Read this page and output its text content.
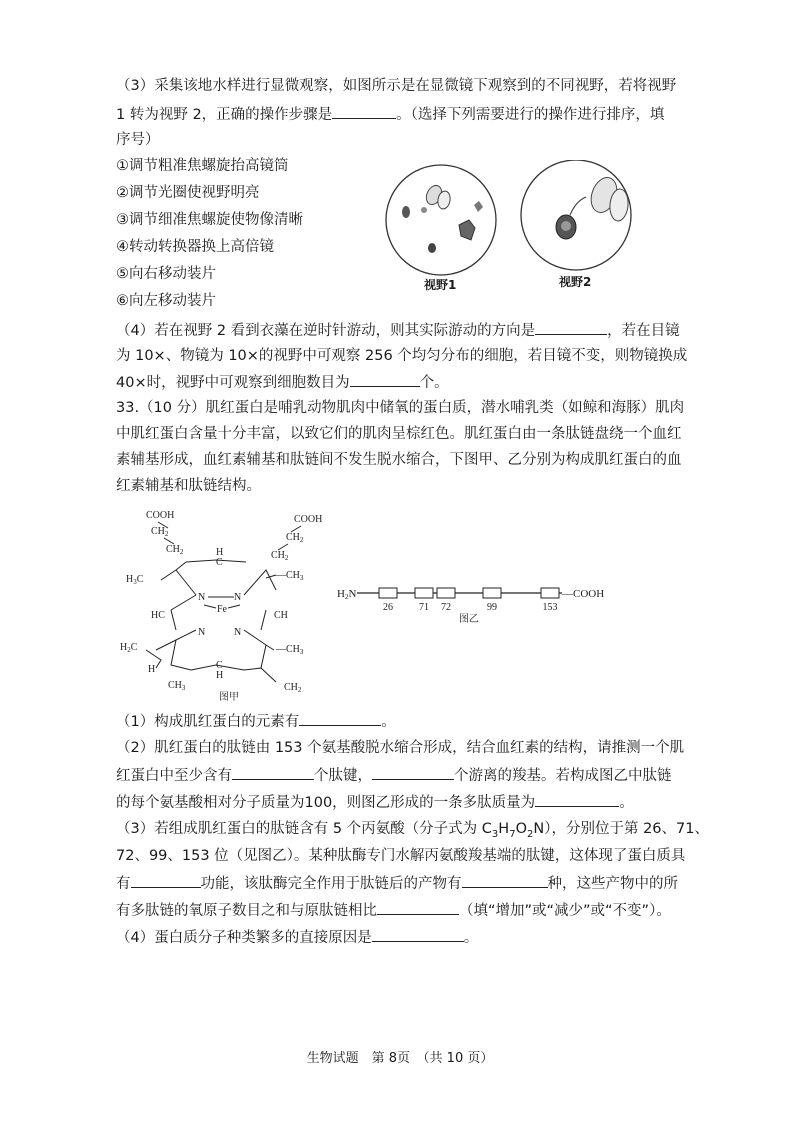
（3）采集该地水样进行显微观察，如图所示是在显微镜下观察到的不同视野，若将视野
1 转为视野 2，正确的操作步骤是	。（选择下列需要进行的操作进行排序，填
序号）
①调节粗准焦螺旋抬高镜筒
②调节光圈使视野明亮
③调节细准焦螺旋使物像清晰
④转动转换器换上高倍镜
⑤向右移动装片
⑥向左移动装片
视野1	视野2
（4）若在视野 2 看到衣藻在逆时针游动，则其实际游动的方向是	，若在目镜
为 10×、物镜为 10×的视野中可观察 256 个均匀分布的细胞，若目镜不变，则物镜换成
40×时，视野中可观察到细胞数目为	个。
33.（10 分）肌红蛋白是哺乳动物肌肉中储氧的蛋白质，潜水哺乳类（如鲸和海豚）肌肉
中肌红蛋白含量十分丰富，以致它们的肌肉呈棕红色。肌红蛋白由一条肽链盘绕一个血红
素辅基形成，血红素辅基和肽链间不发生脱水缩合，下图甲、乙分别为构成肌红蛋白的血
红素辅基和肽链结构。
COOH
$CH_2$
$CH_2$
COOH
$CH_2$
$CH_2$
H
C
$H_3C$	$—CH_3$
N	N
Fe
HC	CH
N	N
$H_2C$	$—CH_3$
H	C
H
$CH_3$	$CH_2$
图甲
H2N
26	71 72	99	153
—COOH
图乙
（1）构成肌红蛋白的元素有	。
（2）肌红蛋白的肽链由 153 个氨基酸脱水缩合形成，结合血红素的结构，请推测一个肌
红蛋白中至少含有	个肽键，	个游离的羧基。若构成图乙中肽链
的每个氨基酸相对分子质量为100，则图乙形成的一条多肽质量为	。
（3）若组成肌红蛋白的肽链含有 5 个丙氨酸（分子式为 $C_3H_7O_2N$），分别位于第 26、71、
72、99、153 位（见图乙）。某种肽酶专门水解丙氨酸羧基端的肽键，这体现了蛋白质具
有	功能，该肽酶完全作用于肽链后的产物有	种，这些产物中的所
有多肽链的氧原子数目之和与原肽链相比	（填“增加”或“减少”或“不变”）。
（4）蛋白质分子种类繁多的直接原因是	。
生物试题　第 8页　（共 10 页）
